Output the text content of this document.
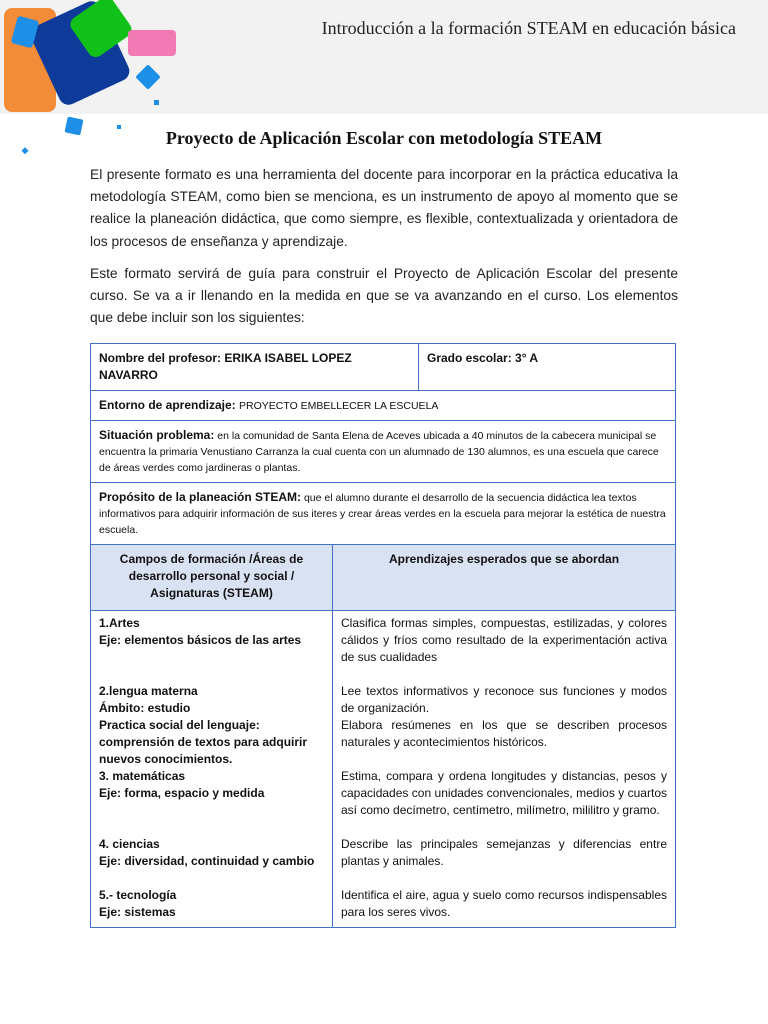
Introducción a la formación STEAM en educación básica
Proyecto de Aplicación Escolar con metodología STEAM
El presente formato es una herramienta del docente para incorporar en la práctica educativa la metodología STEAM, como bien se menciona, es un instrumento de apoyo al momento que se realice la planeación didáctica, que como siempre, es flexible, contextualizada y orientadora de los procesos de enseñanza y aprendizaje.
Este formato servirá de guía para construir el Proyecto de Aplicación Escolar del presente curso. Se va a ir llenando en la medida en que se va avanzando en el curso. Los elementos que debe incluir son los siguientes:
Nombre del profesor: ERIKA ISABEL LOPEZ NAVARRO
Grado escolar: 3° A
Entorno de aprendizaje: PROYECTO EMBELLECER LA ESCUELA
Situación problema: en la comunidad de Santa Elena de Aceves ubicada a 40 minutos de la cabecera municipal se encuentra la primaria Venustiano Carranza la cual cuenta con un alumnado de 130 alumnos, es una escuela que carece de áreas verdes como jardineras o plantas.
Propósito de la planeación STEAM: que el alumno durante el desarrollo de la secuencia didáctica lea textos informativos para adquirir información de sus iteres y crear áreas verdes en la escuela para mejorar la estética de nuestra escuela.
Campos de formación /Áreas de desarrollo personal y social / Asignaturas (STEAM)
Aprendizajes esperados que se abordan

1.Artes

Eje: elementos básicos de las artes

2.lengua materna

Ámbito: estudio

Practica social del lenguaje: comprensión de textos para adquirir nuevos conocimientos.

3. matemáticas

Eje: forma, espacio y medida

4. ciencias

Eje: diversidad, continuidad y cambio

5.- tecnología

Eje: sistemas

Clasifica formas simples, compuestas, estilizadas, y colores cálidos y fríos como resultado de la experimentación activa de sus cualidades

Lee textos informativos y reconoce sus funciones y modos de organización.

Elabora resúmenes en los que se describen procesos naturales y acontecimientos históricos.

Estima, compara y ordena longitudes y distancias, pesos y capacidades con unidades convencionales, medios y cuartos así como decímetro, centímetro, milímetro, mililitro y gramo.

Describe las principales semejanzas y diferencias entre plantas y animales.

Identifica el aire, agua y suelo como recursos indispensables para los seres vivos.
